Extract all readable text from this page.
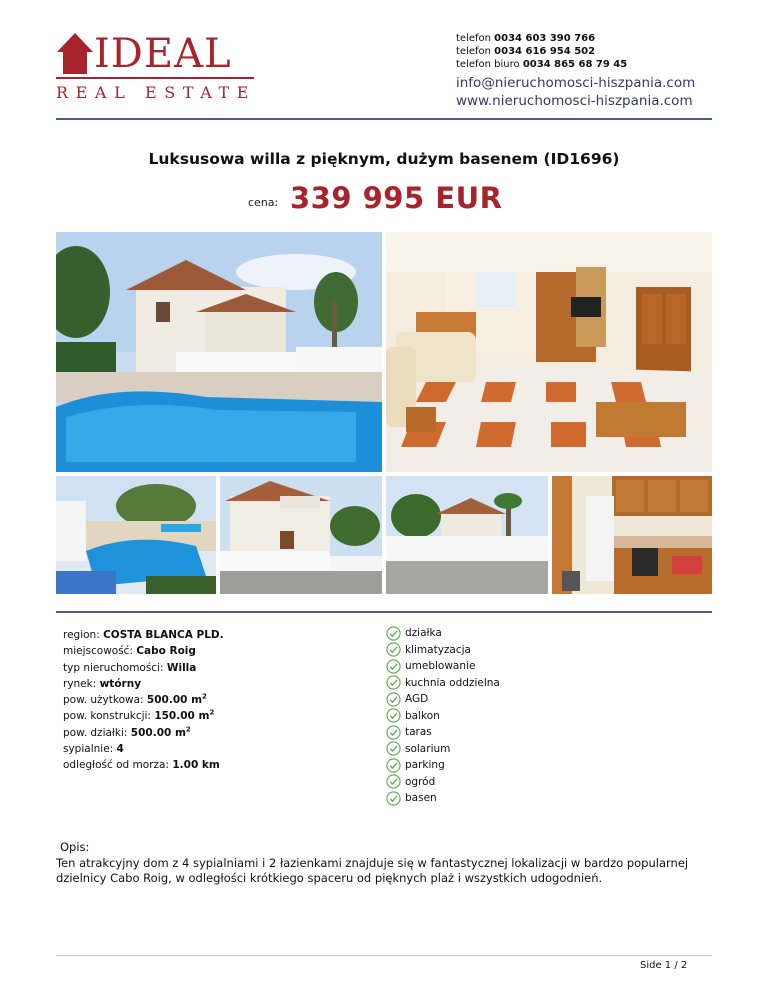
IDEAL
REAL ESTATE
telefon 0034 603 390 766
telefon 0034 616 954 502
telefon biuro 0034 865 68 79 45
info@nieruchomosci-hiszpania.com
www.nieruchomosci-hiszpania.com
Luksusowa willa z pięknym, dużym basenem (ID1696)
cena: 339 995 EUR
region: COSTA BLANCA PLD.
miejscowość: Cabo Roig
typ nieruchomości: Willa
rynek: wtórny
pow. użytkowa: 500.00 $m^2$
pow. konstrukcji: 150.00 $m^2$
pow. działki: 500.00 $m^2$
sypialnie: 4
odległość od morza: 1.00 km
działka
klimatyzacja
umeblowanie
kuchnia oddzielna
AGD
balkon
taras
solarium
parking
ogród
basen
Opis:
Ten atrakcyjny dom z 4 sypialniami i 2 łazienkami znajduje się w fantastycznej lokalizacji w bardzo popularnej dzielnicy Cabo Roig, w odległości krótkiego spaceru od pięknych plaż i wszystkich udogodnień.
Side 1 / 2
